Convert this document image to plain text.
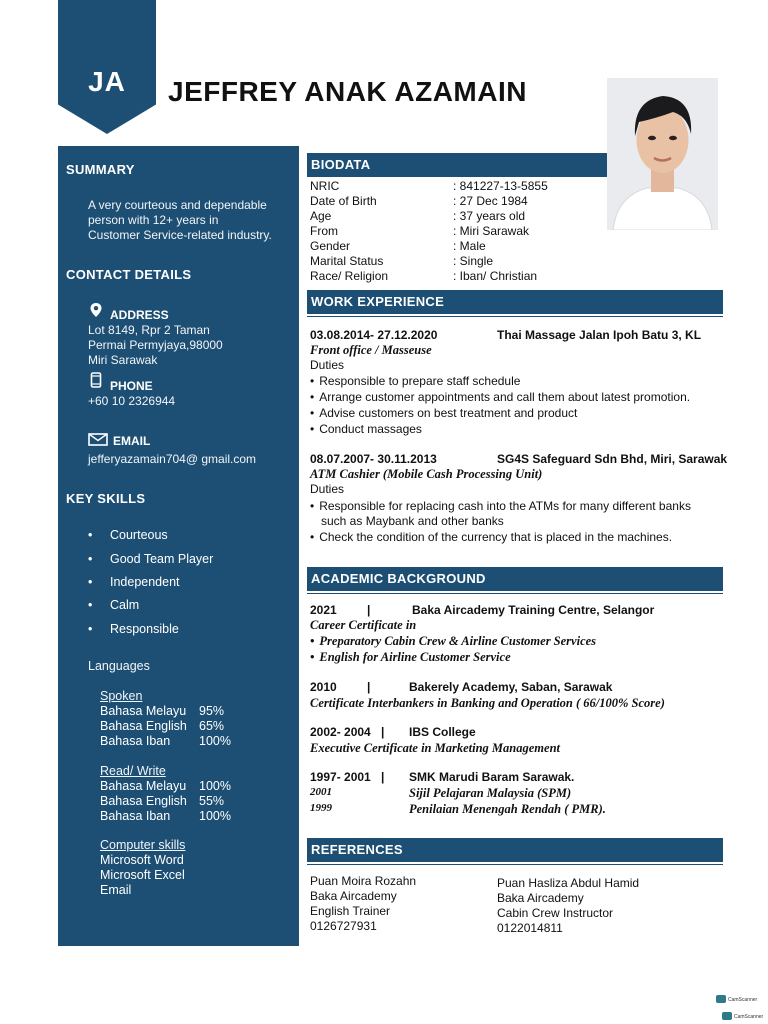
JA	JEFFREY ANAK AZAMAIN
SUMMARY
A very courteous and dependable
person with 12+ years in
Customer Service-related industry.
CONTACT DETAILS
ADDRESS
Lot 8149, Rpr 2 Taman
Permai Permyjaya,98000
Miri Sarawak
PHONE
+60 10 2326944
EMAIL
jefferyazamain704@ gmail.com
KEY SKILLS
Courteous
Good Team Player
Independent
Calm
Responsible
Languages
Spoken
Bahasa Melayu 95%
Bahasa English 65%
Bahasa Iban 100%
Read/ Write
Bahasa Melayu 100%
Bahasa English 55%
Bahasa Iban 100%
Computer skills
Microsoft Word
Microsoft Excel
Email
BIODATA
NRIC	: 841227-13-5855
Date of Birth	: 27 Dec 1984
Age	: 37 years old
From	: Miri Sarawak
Gender	: Male
Marital Status	: Single
Race/ Religion	: Iban/ Christian
WORK EXPERIENCE
03.08.2014- 27.12.2020	Thai Massage Jalan Ipoh Batu 3, KL
Front office / Masseuse
Duties
• Responsible to prepare staff schedule
• Arrange customer appointments and call them about latest promotion.
• Advise customers on best treatment and product
• Conduct massages
08.07.2007- 30.11.2013	SG4S Safeguard Sdn Bhd, Miri, Sarawak
ATM Cashier (Mobile Cash Processing Unit)
Duties
• Responsible for replacing cash into the ATMs for many different banks
such as Maybank and other banks
• Check the condition of the currency that is placed in the machines.
ACADEMIC BACKGROUND
2021	|	Baka Aircademy Training Centre, Selangor
Career Certificate in
• Preparatory Cabin Crew & Airline Customer Services
• English for Airline Customer Service
2010	|	Bakerely Academy, Saban, Sarawak
Certificate Interbankers in Banking and Operation ( 66/100% Score)
2002- 2004 | IBS College
Executive Certificate in Marketing Management
1997- 2001 | SMK Marudi Baram Sarawak.
2001	Sijil Pelajaran Malaysia (SPM)
1999	Penilaian Menengah Rendah ( PMR).
REFERENCES
Puan Moira Rozahn
Baka Aircademy
English Trainer
0126727931
Puan Hasliza Abdul Hamid
Baka Aircademy
Cabin Crew Instructor
0122014811
CamScanner
CamScanner
